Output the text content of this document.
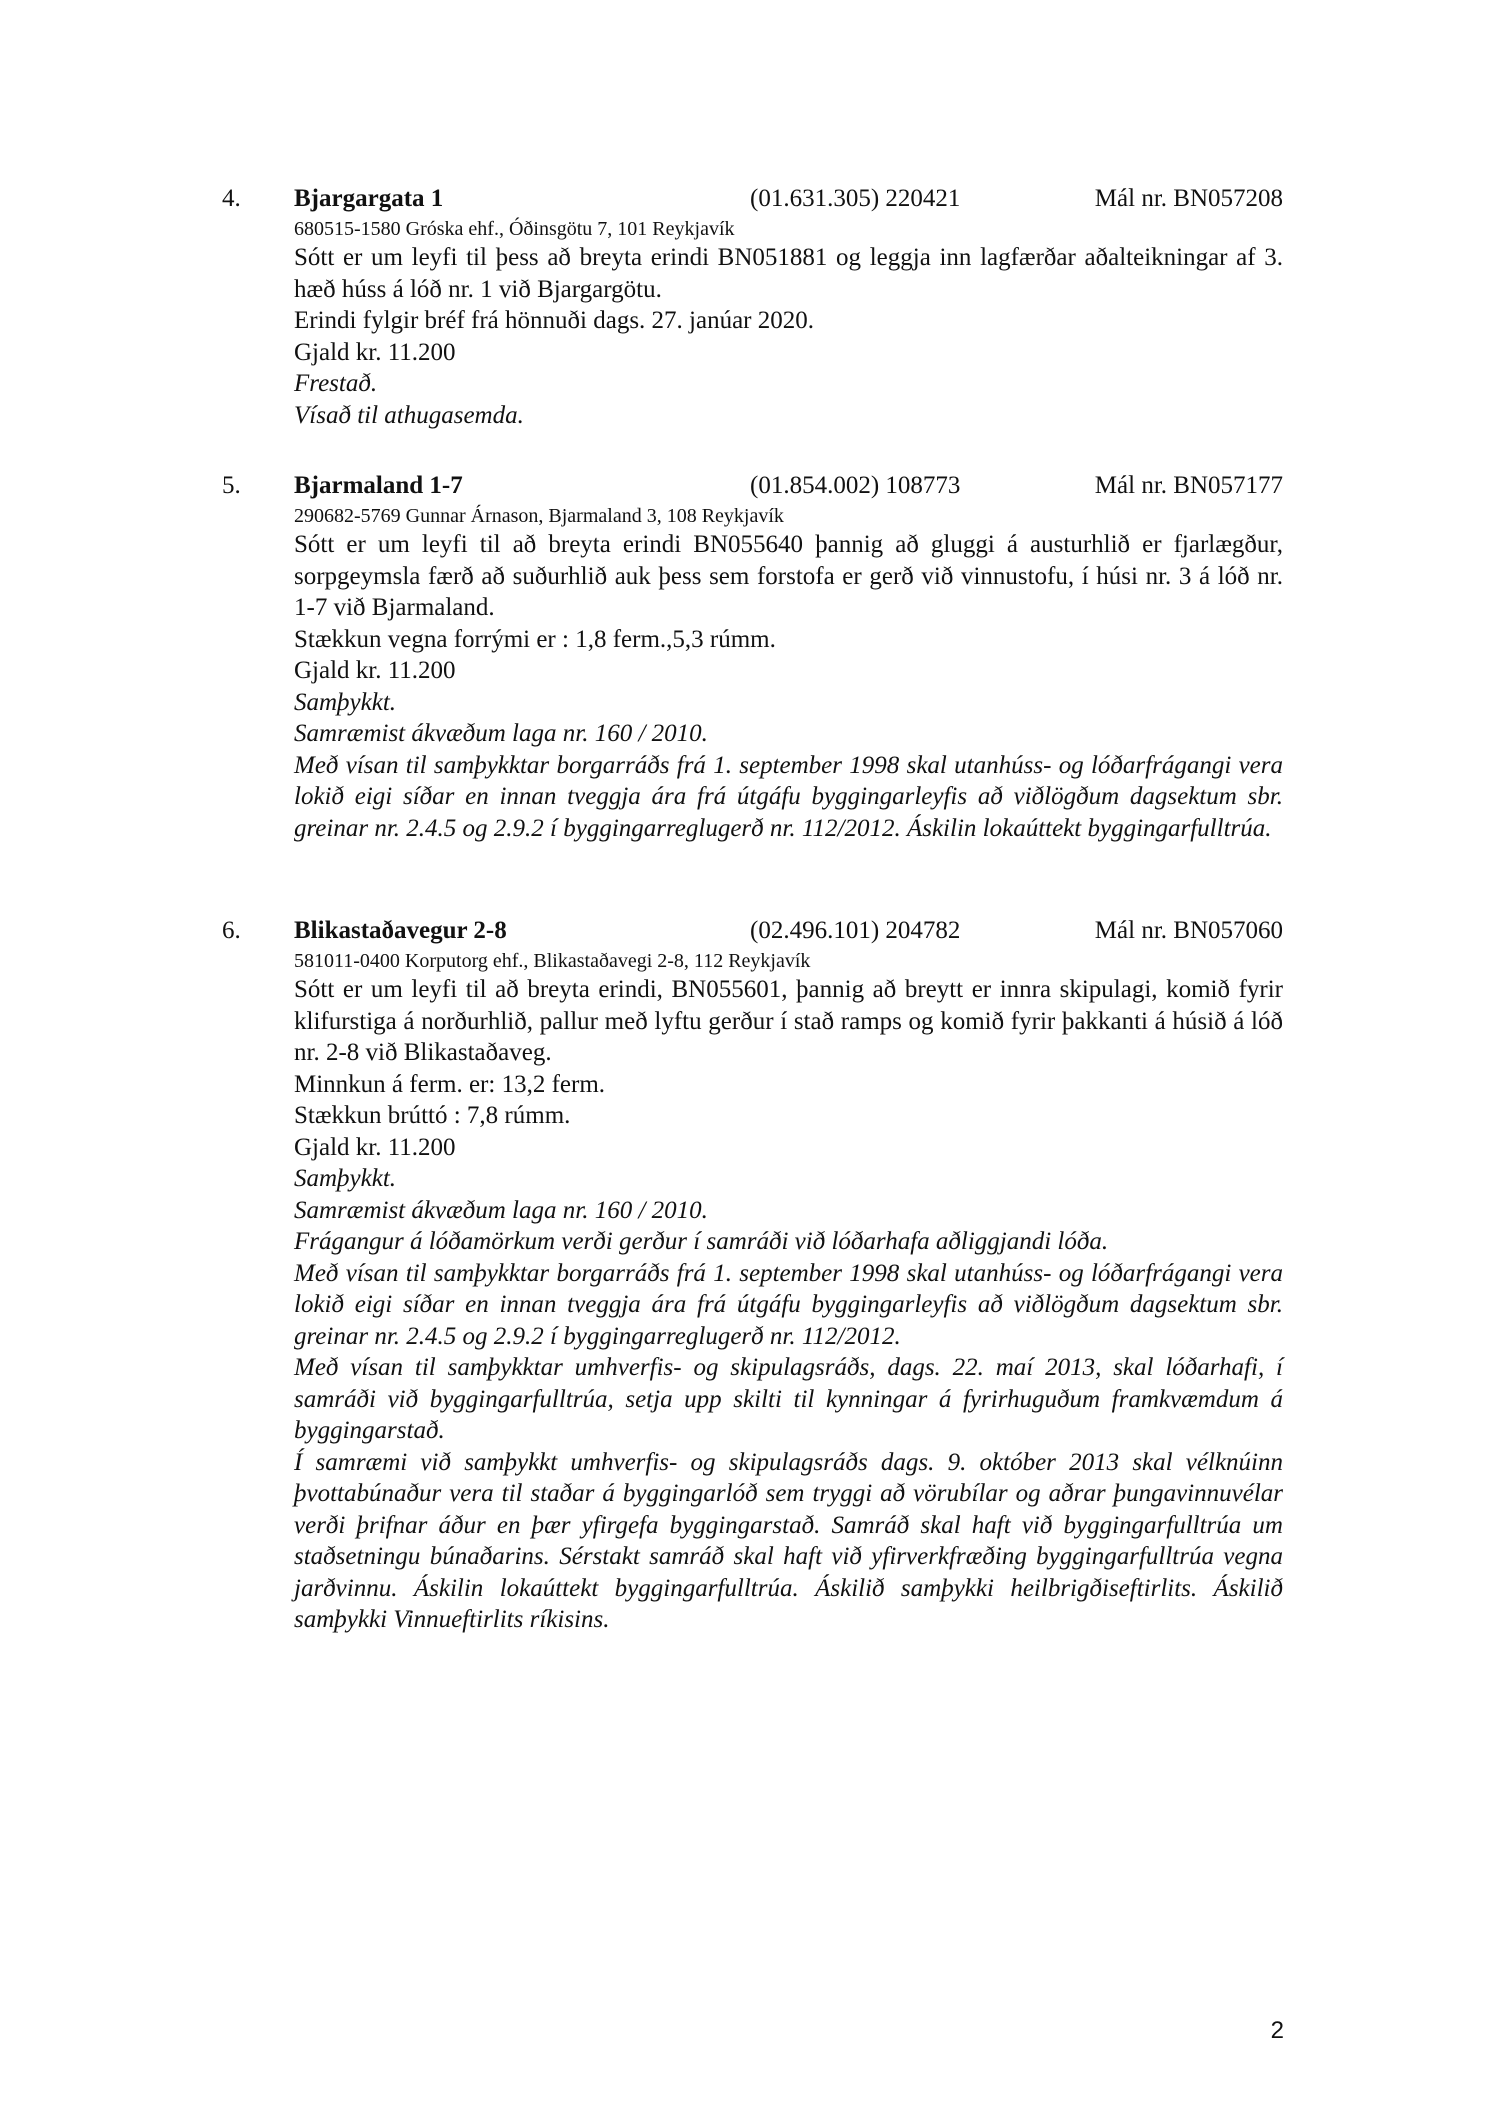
4. Bjargargata 1	(01.631.305) 220421	Mál nr. BN057208
680515-1580 Gróska ehf., Óðinsgötu 7, 101 Reykjavík

Sótt er um leyfi til þess að breyta erindi BN051881 og leggja inn lagfærðar aðalteikningar af 3. hæð húss á lóð nr. 1 við Bjargargötu.

Erindi fylgir bréf frá hönnuði dags. 27. janúar 2020.

Gjald kr. 11.200

Frestað.

Vísað til athugasemda.

5. Bjarmaland 1-7	(01.854.002) 108773	Mál nr. BN057177
290682-5769 Gunnar Árnason, Bjarmaland 3, 108 Reykjavík

Sótt er um leyfi til að breyta erindi BN055640 þannig að gluggi á austurhlið er fjarlægður, sorpgeymsla færð að suðurhlið auk þess sem forstofa er gerð við vinnustofu, í húsi nr. 3 á lóð nr. 1-7 við Bjarmaland.

Stækkun vegna forrými er : 1,8 ferm.,5,3 rúmm.

Gjald kr. 11.200

Samþykkt.

Samræmist ákvæðum laga nr. 160 / 2010.

Með vísan til samþykktar borgarráðs frá 1. september 1998 skal utanhúss- og lóðarfrágangi vera lokið eigi síðar en innan tveggja ára frá útgáfu byggingarleyfis að viðlögðum dagsektum sbr. greinar nr. 2.4.5 og 2.9.2 í byggingarreglugerð nr. 112/2012. Áskilin lokaúttekt byggingarfulltrúa.

6. Blikastaðavegur 2-8	(02.496.101) 204782	Mál nr. BN057060
581011-0400 Korputorg ehf., Blikastaðavegi 2-8, 112 Reykjavík

Sótt er um leyfi til að breyta erindi, BN055601, þannig að breytt er innra skipulagi, komið fyrir klifurstiga á norðurhlið, pallur með lyftu gerður í stað ramps og komið fyrir þakkanti á húsið á lóð nr. 2-8 við Blikastaðaveg.

Minnkun á ferm. er: 13,2 ferm.

Stækkun brúttó : 7,8 rúmm.

Gjald kr. 11.200

Samþykkt.

Samræmist ákvæðum laga nr. 160 / 2010.

Frágangur á lóðamörkum verði gerður í samráði við lóðarhafa aðliggjandi lóða.

Með vísan til samþykktar borgarráðs frá 1. september 1998 skal utanhúss- og lóðarfrágangi vera lokið eigi síðar en innan tveggja ára frá útgáfu byggingarleyfis að viðlögðum dagsektum sbr. greinar nr. 2.4.5 og 2.9.2 í byggingarreglugerð nr. 112/2012.

Með vísan til samþykktar umhverfis- og skipulagsráðs, dags. 22. maí 2013, skal lóðarhafi, í samráði við byggingarfulltrúa, setja upp skilti til kynningar á fyrirhuguðum framkvæmdum á byggingarstað.

Í samræmi við samþykkt umhverfis- og skipulagsráðs dags. 9. október 2013 skal vélknúinn þvottabúnaður vera til staðar á byggingarlóð sem tryggi að vörubílar og aðrar þungavinnuvélar verði þrifnar áður en þær yfirgefa byggingarstað. Samráð skal haft við byggingarfulltrúa um staðsetningu búnaðarins. Sérstakt samráð skal haft við yfirverkfræðing byggingarfulltrúa vegna jarðvinnu. Áskilin lokaúttekt byggingarfulltrúa. Áskilið samþykki heilbrigðiseftirlits. Áskilið samþykki Vinnueftirlits ríkisins.

2
